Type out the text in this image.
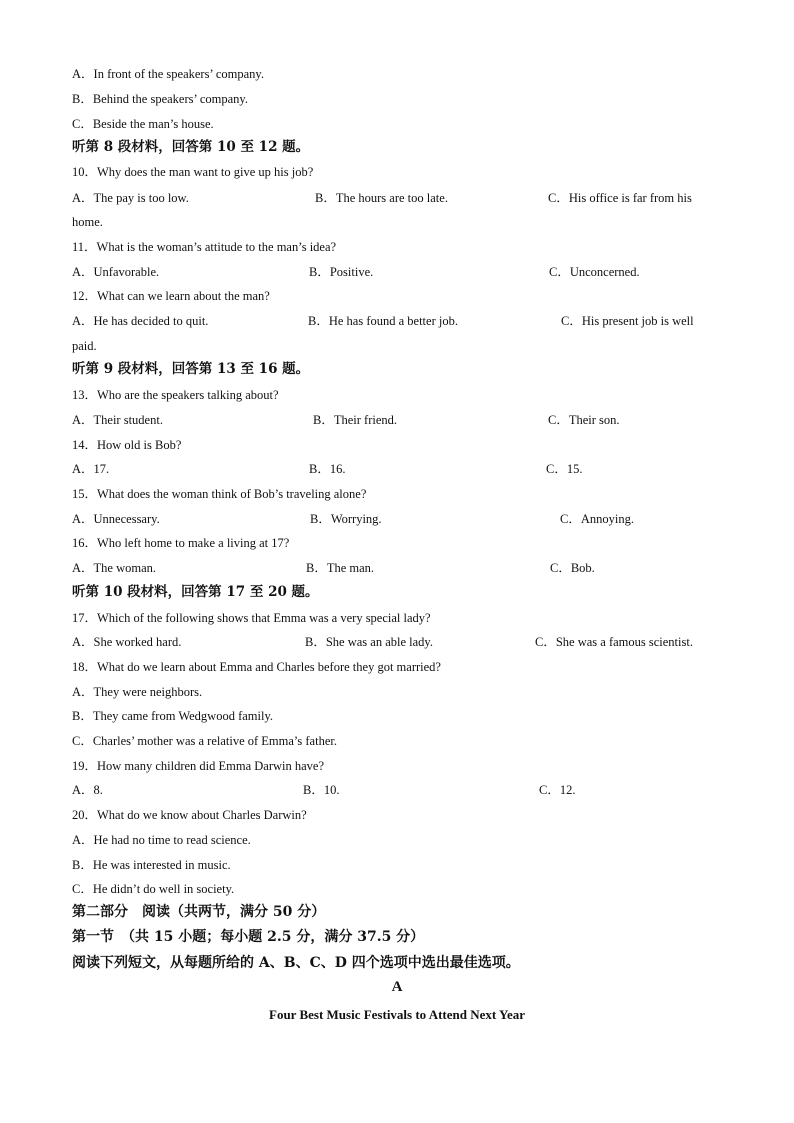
A．In front of the speakers’ company.
B．Behind the speakers’ company.
C．Beside the man’s house.
听第 8 段材料，回答第 10 至 12 题。
10．Why does the man want to give up his job?
A．The pay is too low.	B．The hours are too late.	C．His office is far from his
home.
11．What is the woman’s attitude to the man’s idea?
A．Unfavorable.	B．Positive.	C．Unconcerned.
12．What can we learn about the man?
A．He has decided to quit.	B．He has found a better job.	C．His present job is well
paid.
听第 9 段材料，回答第 13 至 16 题。
13．Who are the speakers talking about?
A．Their student.	B．Their friend.	C．Their son.
14．How old is Bob?
A．17.	B．16.	C．15.
15．What does the woman think of Bob’s traveling alone?
A．Unnecessary.	B．Worrying.	C．Annoying.
16．Who left home to make a living at 17?
A．The woman.	B．The man.	C．Bob.
听第 10 段材料，回答第 17 至 20 题。
17．Which of the following shows that Emma was a very special lady?
A．She worked hard.	B．She was an able lady.	C．She was a famous scientist.
18．What do we learn about Emma and Charles before they got married?
A．They were neighbors.
B．They came from Wedgwood family.
C．Charles’ mother was a relative of Emma’s father.
19．How many children did Emma Darwin have?
A．8.	B．10.	C．12.
20．What do we know about Charles Darwin?
A．He had no time to read science.
B．He was interested in music.
C．He didn’t do well in society.
第二部分　阅读（共两节，满分 50 分）
第一节　（共 15 小题；每小题 2.5 分，满分 37.5 分）
阅读下列短文，从每题所给的 A、B、C、D 四个选项中选出最佳选项。
A
Four Best Music Festivals to Attend Next Year
